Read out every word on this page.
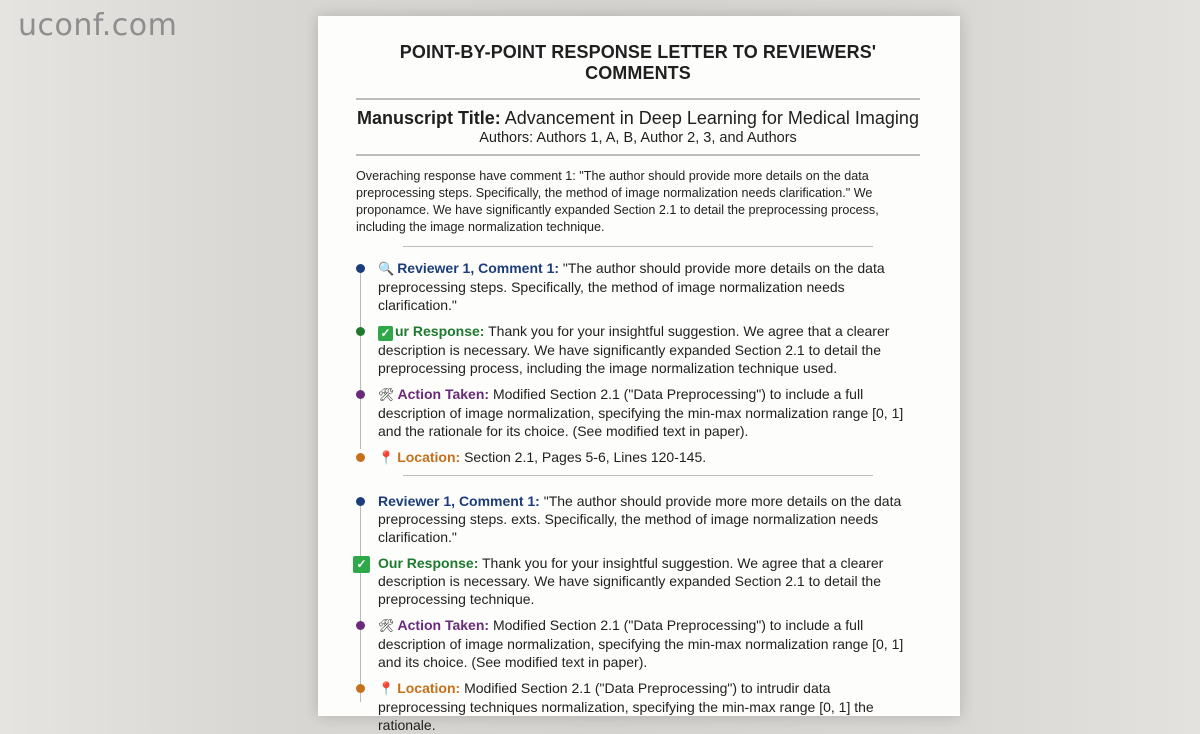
uconf.com
POINT-BY-POINT RESPONSE LETTER TO REVIEWERS' COMMENTS
Manuscript Title: Advancement in Deep Learning for Medical Imaging
Authors: Authors 1, A, B, Author 2, 3, and Authors
Overaching response have comment 1: "The author should provide more details on the data preprocessing steps. Specifically, the method of image normalization needs clarification." We proponamce. We have significantly expanded Section 2.1 to detail the preprocessing process, including the image normalization technique.
🔍 Reviewer 1, Comment 1: "The author should provide more details on the data preprocessing steps. Specifically, the method of image normalization needs clarification."
✓ ur Response: Thank you for your insightful suggestion. We agree that a clearer description is necessary. We have significantly expanded Section 2.1 to detail the preprocessing process, including the image normalization technique used.
🛠 Action Taken: Modified Section 2.1 ("Data Preprocessing") to include a full description of image normalization, specifying the min-max normalization range [0, 1] and the rationale for its choice. (See modified text in paper).
📍 Location: Section 2.1, Pages 5-6, Lines 120-145.
Reviewer 1, Comment 1: "The author should provide more more details on the data preprocessing steps. exts. Specifically, the method of image normalization needs clarification."
✓ Our Response: Thank you for your insightful suggestion. We agree that a clearer description is necessary. We have significantly expanded Section 2.1 to detail the preprocessing technique.
🛠 Action Taken: Modified Section 2.1 ("Data Preprocessing") to include a full description of image normalization, specifying the min-max normalization range [0, 1] and its choice. (See modified text in paper).
📍 Location: Modified Section 2.1 ("Data Preprocessing") to intrudir data preprocessing techniques normalization, specifying the min-max range [0, 1] the rationale.
